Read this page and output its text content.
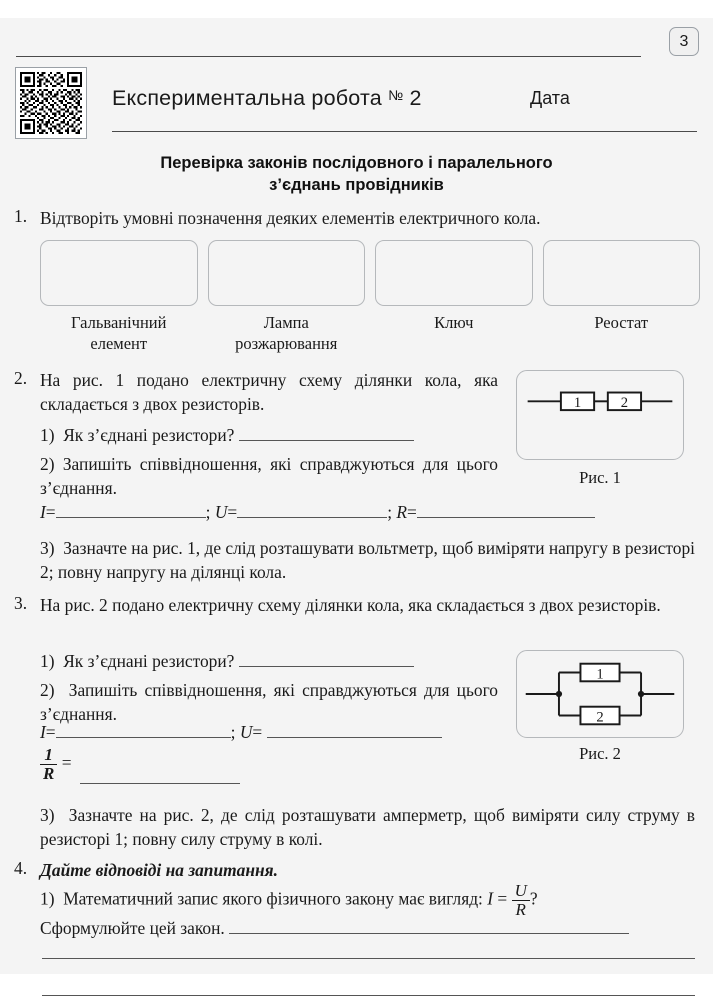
3
Експериментальна робота № 2	Дата
Перевірка законів послідовного і паралельного
з’єднань провідників
1. Відтворіть умовні позначення деяких елементів електричного кола.
Гальванічний
елемент
Лампа
розжарювання
Ключ	Реостат
2. На рис. 1 подано електричну схему ділянки кола, яка складається з двох резисторів.
1) Як з’єднані резистори?
2) Запишіть співвідношення, які справджуються для цього з’єднання.
I=	; U=	; R=
3) Зазначте на рис. 1, де слід розташувати вольтметр, щоб виміряти напругу в резисторі 2; повну напругу на ділянці кола.
1	2
Рис. 1
3. На рис. 2 подано електричну схему ділянки кола, яка складається з двох резисторів.
1) Як з’єднані резистори?
2) Запишіть співвідношення, які справджуються для цього з’єднання.
I=	; U=
$\frac{1}{R}$ =
3) Зазначте на рис. 2, де слід розташувати амперметр, щоб виміряти силу струму в резисторі 1; повну силу струму в колі.
1
2
Рис. 2
4. Дайте відповіді на запитання.
1) Математичний запис якого фізичного закону має вигляд: $I = \frac{U}{R}$ ?
Сформулюйте цей закон.
